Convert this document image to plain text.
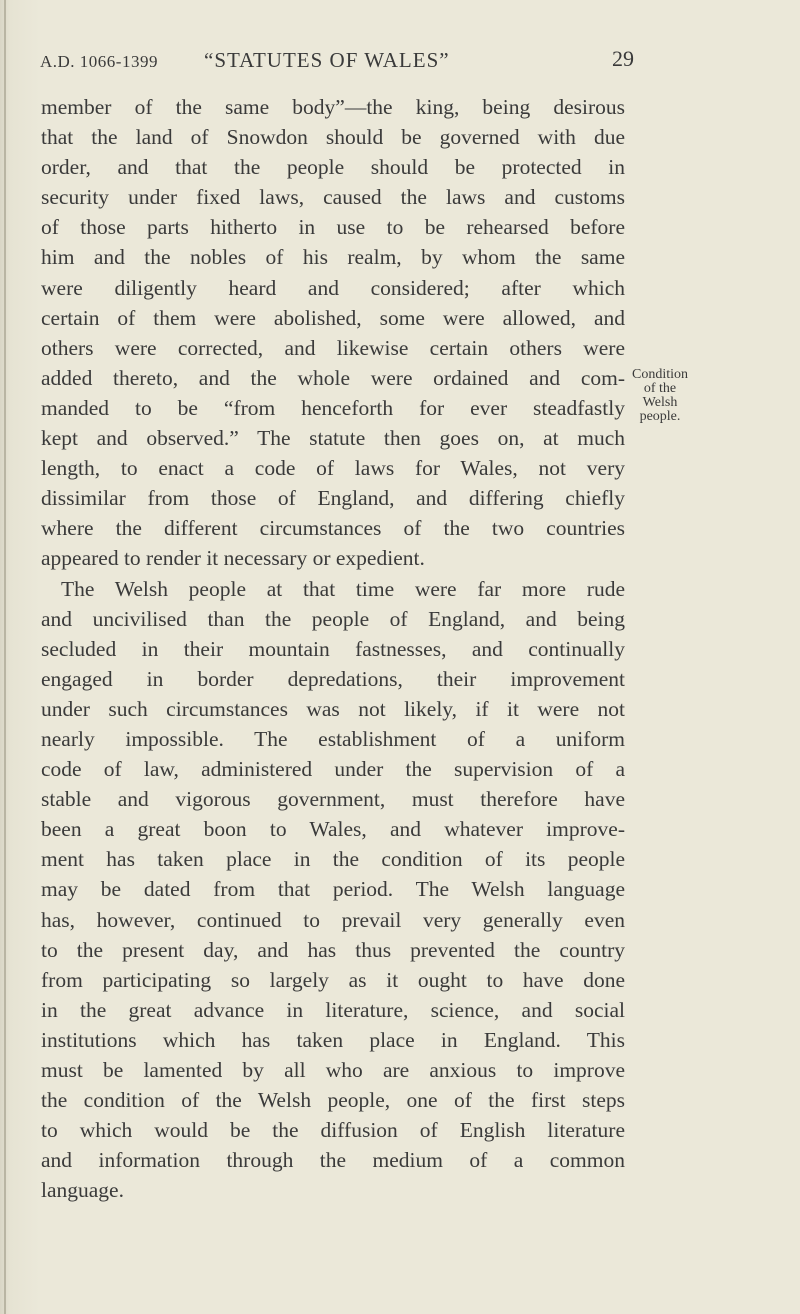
A.D. 1066-1399 “STATUTES OF WALES”	29
member of the same body”—the king, being desirous
that the land of Snowdon should be governed with due
order, and that the people should be protected in
security under fixed laws, caused the laws and customs
of those parts hitherto in use to be rehearsed before
him and the nobles of his realm, by whom the same
were diligently heard and considered; after which
certain of them were abolished, some were allowed, and
others were corrected, and likewise certain others were
added thereto, and the whole were ordained and com-
manded to be “from henceforth for ever steadfastly
kept and observed.” The statute then goes on, at much
length, to enact a code of laws for Wales, not very
dissimilar from those of England, and differing chiefly
where the different circumstances of the two countries
appeared to render it necessary or expedient.
The Welsh people at that time were far more rude
and uncivilised than the people of England, and being
secluded in their mountain fastnesses, and continually
engaged in border depredations, their improvement
under such circumstances was not likely, if it were not
nearly impossible. The establishment of a uniform
code of law, administered under the supervision of a
stable and vigorous government, must therefore have
been a great boon to Wales, and whatever improve-
ment has taken place in the condition of its people
may be dated from that period. The Welsh language
has, however, continued to prevail very generally even
to the present day, and has thus prevented the country
from participating so largely as it ought to have done
in the great advance in literature, science, and social
institutions which has taken place in England. This
must be lamented by all who are anxious to improve
the condition of the Welsh people, one of the first steps
to which would be the diffusion of English literature
and information through the medium of a common
language.
Condition
of the
Welsh
people.
